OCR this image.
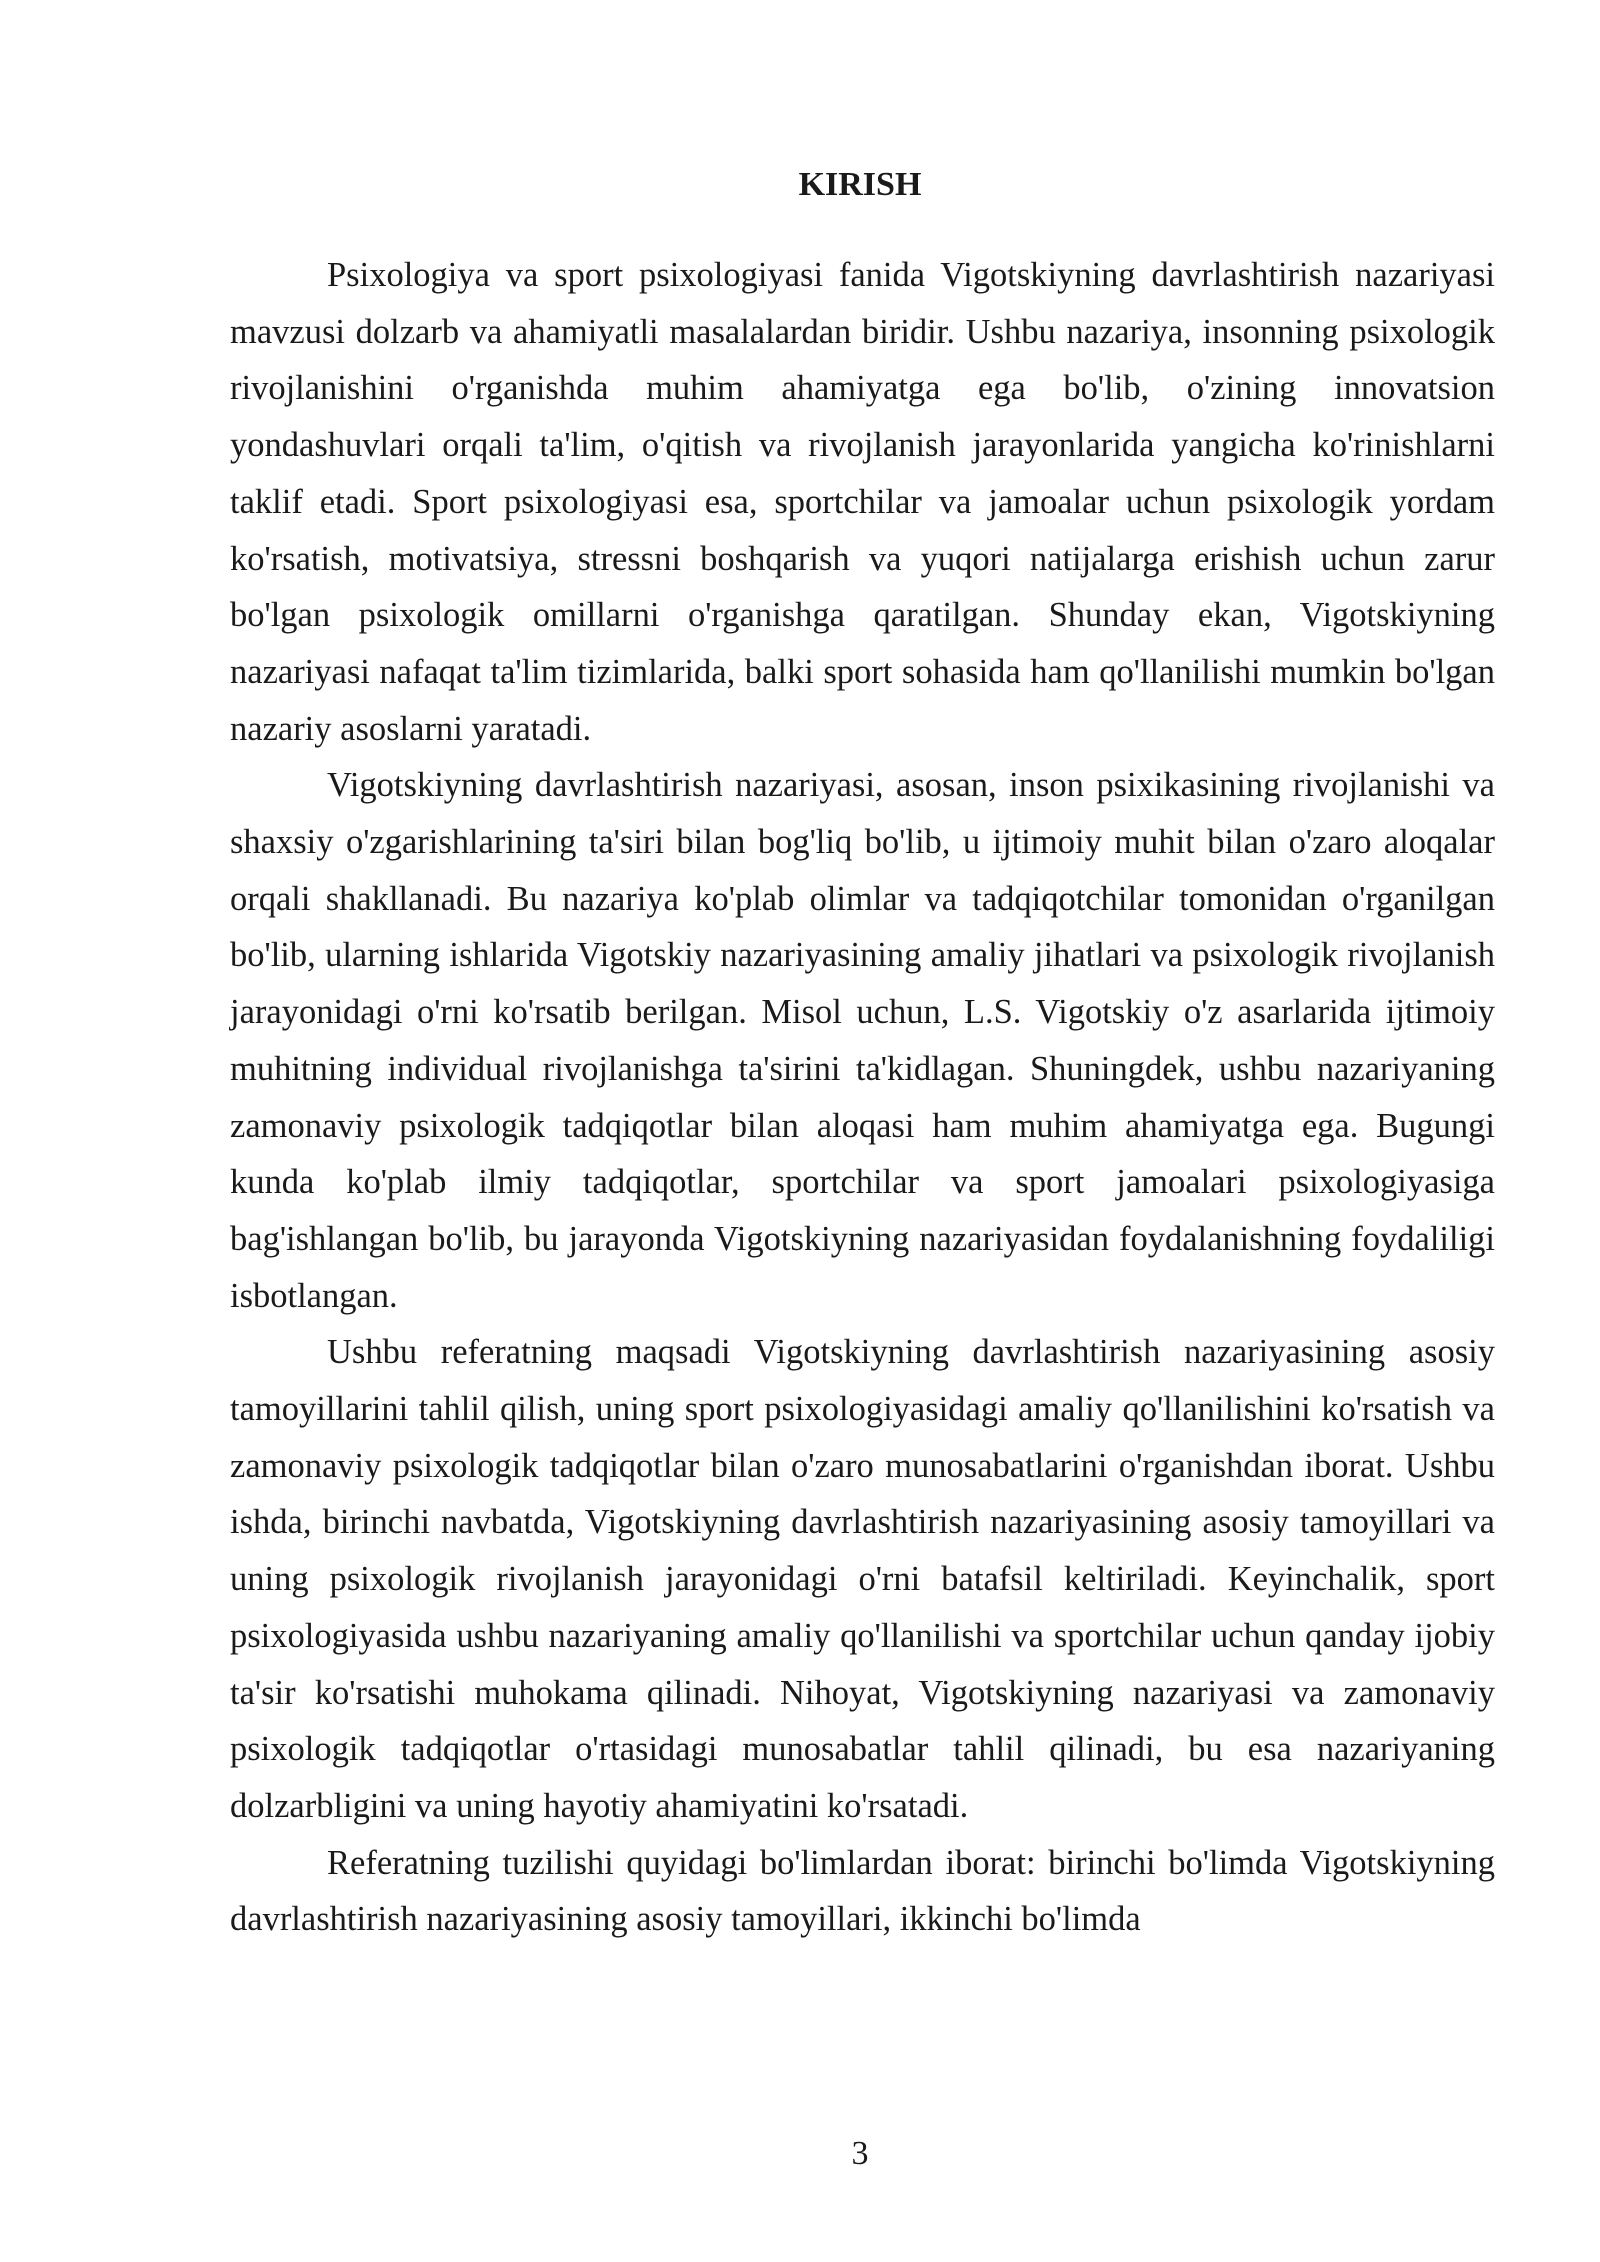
KIRISH

Psixologiya va sport psixologiyasi fanida Vigotskiyning davrlashtirish nazariyasi mavzusi dolzarb va ahamiyatli masalalardan biridir. Ushbu nazariya, insonning psixologik rivojlanishini o'rganishda muhim ahamiyatga ega bo'lib, o'zining innovatsion yondashuvlari orqali ta'lim, o'qitish va rivojlanish jarayonlarida yangicha ko'rinishlarni taklif etadi. Sport psixologiyasi esa, sportchilar va jamoalar uchun psixologik yordam ko'rsatish, motivatsiya, stressni boshqarish va yuqori natijalarga erishish uchun zarur bo'lgan psixologik omillarni o'rganishga qaratilgan. Shunday ekan, Vigotskiyning nazariyasi nafaqat ta'lim tizimlarida, balki sport sohasida ham qo'llanilishi mumkin bo'lgan nazariy asoslarni yaratadi.

Vigotskiyning davrlashtirish nazariyasi, asosan, inson psixikasining rivojlanishi va shaxsiy o'zgarishlarining ta'siri bilan bog'liq bo'lib, u ijtimoiy muhit bilan o'zaro aloqalar orqali shakllanadi. Bu nazariya ko'plab olimlar va tadqiqotchilar tomonidan o'rganilgan bo'lib, ularning ishlarida Vigotskiy nazariyasining amaliy jihatlari va psixologik rivojlanish jarayonidagi o'rni ko'rsatib berilgan. Misol uchun, L.S. Vigotskiy o'z asarlarida ijtimoiy muhitning individual rivojlanishga ta'sirini ta'kidlagan. Shuningdek, ushbu nazariyaning zamonaviy psixologik tadqiqotlar bilan aloqasi ham muhim ahamiyatga ega. Bugungi kunda ko'plab ilmiy tadqiqotlar, sportchilar va sport jamoalari psixologiyasiga bag'ishlangan bo'lib, bu jarayonda Vigotskiyning nazariyasidan foydalanishning foydaliligi isbotlangan.

Ushbu referatning maqsadi Vigotskiyning davrlashtirish nazariyasining asosiy tamoyillarini tahlil qilish, uning sport psixologiyasidagi amaliy qo'llanilishini ko'rsatish va zamonaviy psixologik tadqiqotlar bilan o'zaro munosabatlarini o'rganishdan iborat. Ushbu ishda, birinchi navbatda, Vigotskiyning davrlashtirish nazariyasining asosiy tamoyillari va uning psixologik rivojlanish jarayonidagi o'rni batafsil keltiriladi. Keyinchalik, sport psixologiyasida ushbu nazariyaning amaliy qo'llanilishi va sportchilar uchun qanday ijobiy ta'sir ko'rsatishi muhokama qilinadi. Nihoyat, Vigotskiyning nazariyasi va zamonaviy psixologik tadqiqotlar o'rtasidagi munosabatlar tahlil qilinadi, bu esa nazariyaning dolzarbligini va uning hayotiy ahamiyatini ko'rsatadi.

Referatning tuzilishi quyidagi bo'limlardan iborat: birinchi bo'limda Vigotskiyning davrlashtirish nazariyasining asosiy tamoyillari, ikkinchi bo'limda

3
